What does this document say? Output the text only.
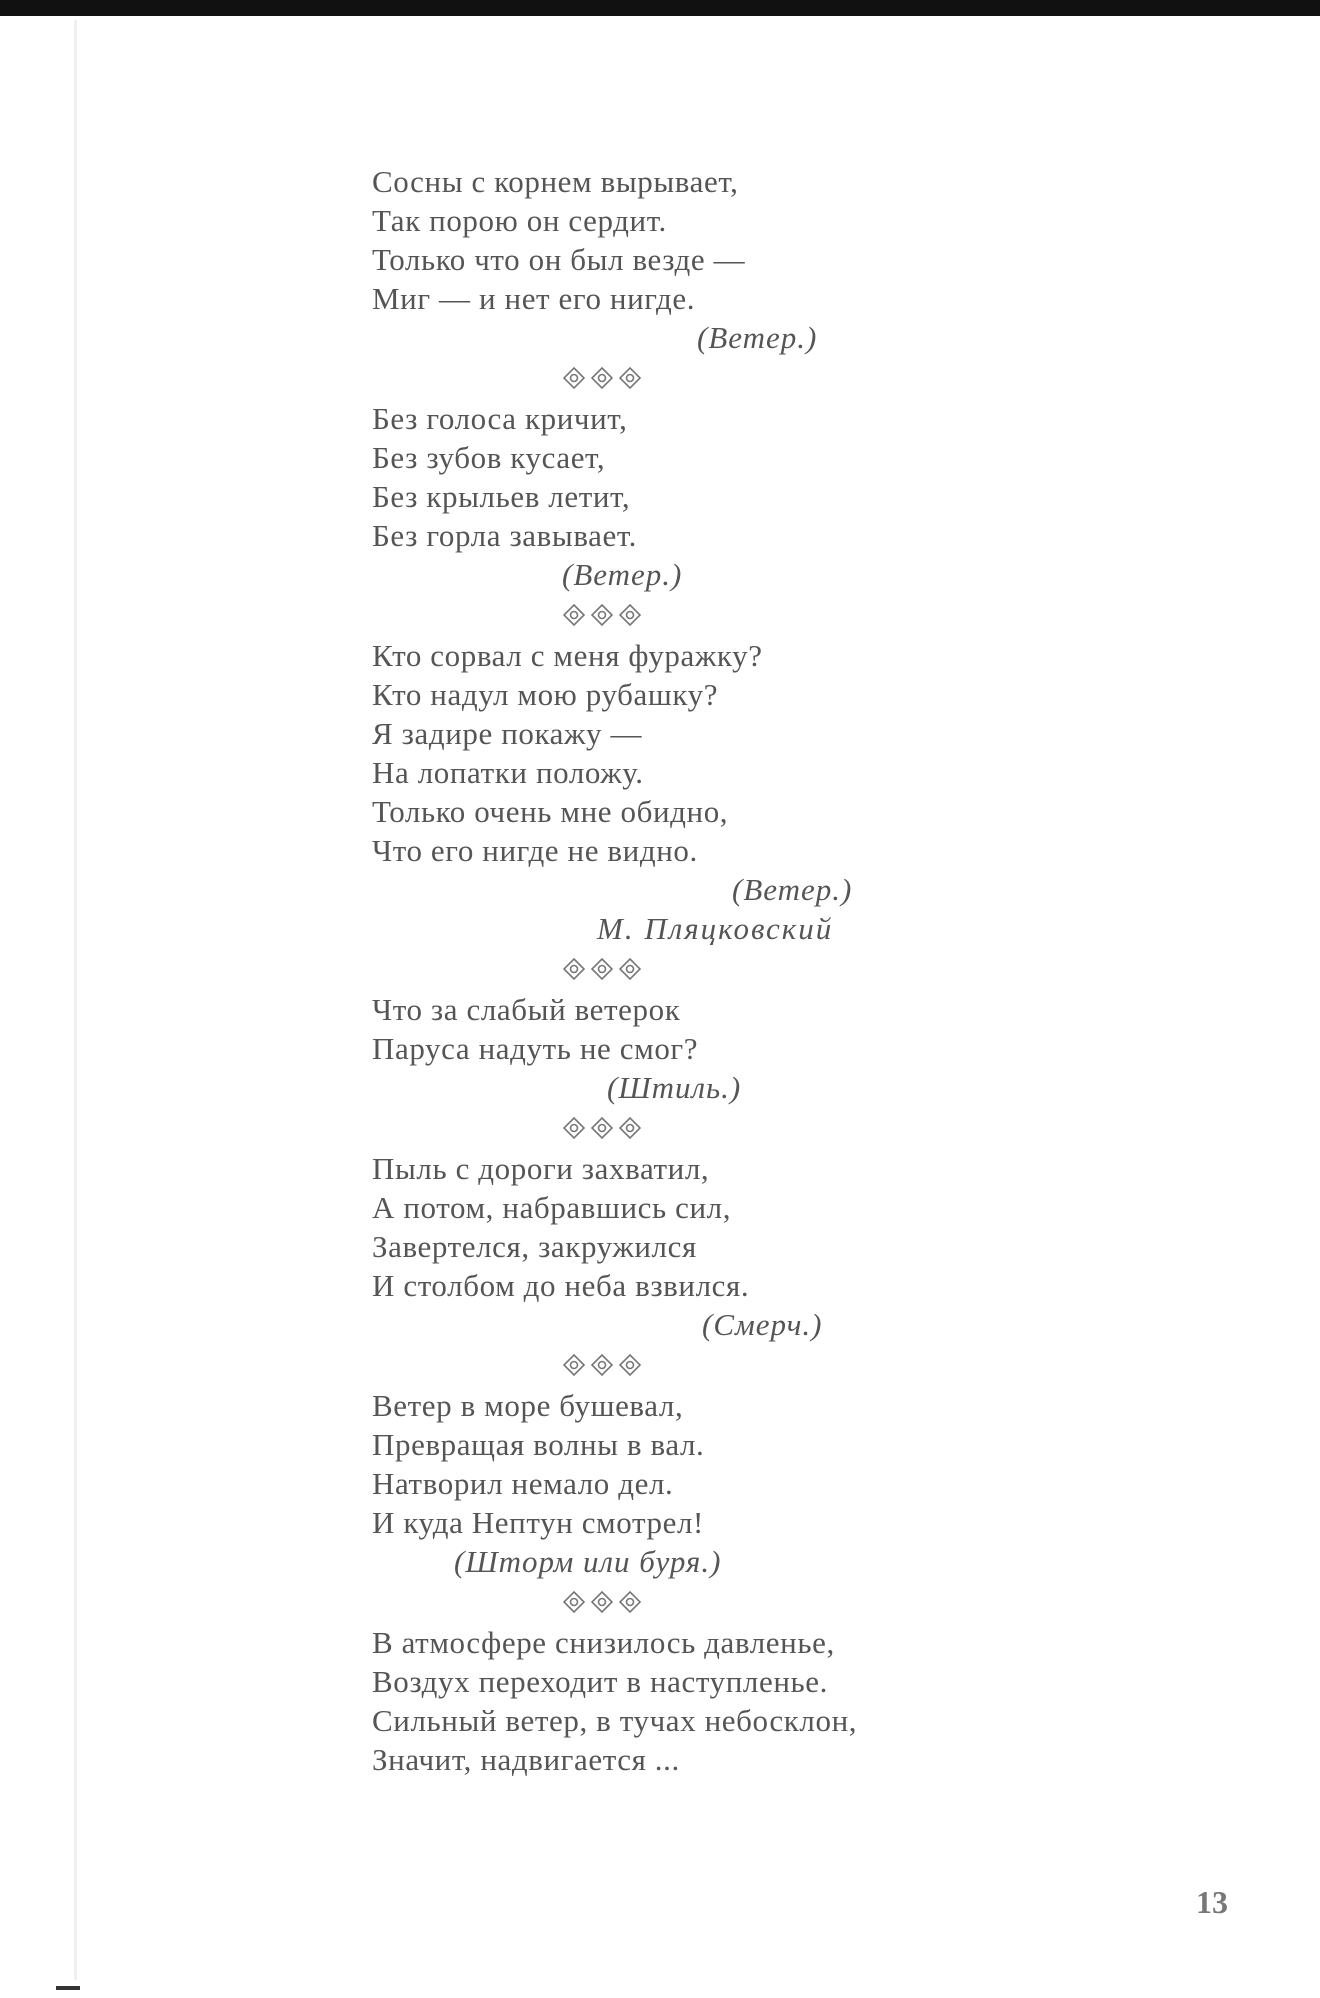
Сосны с корнем вырывает,
Так порою он сердит.
Только что он был везде —
Миг — и нет его нигде.
(Ветер.)
Без голоса кричит,
Без зубов кусает,
Без крыльев летит,
Без горла завывает.
(Ветер.)
Кто сорвал с меня фуражку?
Кто надул мою рубашку?
Я задире покажу —
На лопатки положу.
Только очень мне обидно,
Что его нигде не видно.
(Ветер.)
М. Пляцковский
Что за слабый ветерок
Паруса надуть не смог?
(Штиль.)
Пыль с дороги захватил,
А потом, набравшись сил,
Завертелся, закружился
И столбом до неба взвился.
(Смерч.)
Ветер в море бушевал,
Превращая волны в вал.
Натворил немало дел.
И куда Нептун смотрел!
(Шторм или буря.)
В атмосфере снизилось давленье,
Воздух переходит в наступленье.
Сильный ветер, в тучах небосклон,
Значит, надвигается ...
13
